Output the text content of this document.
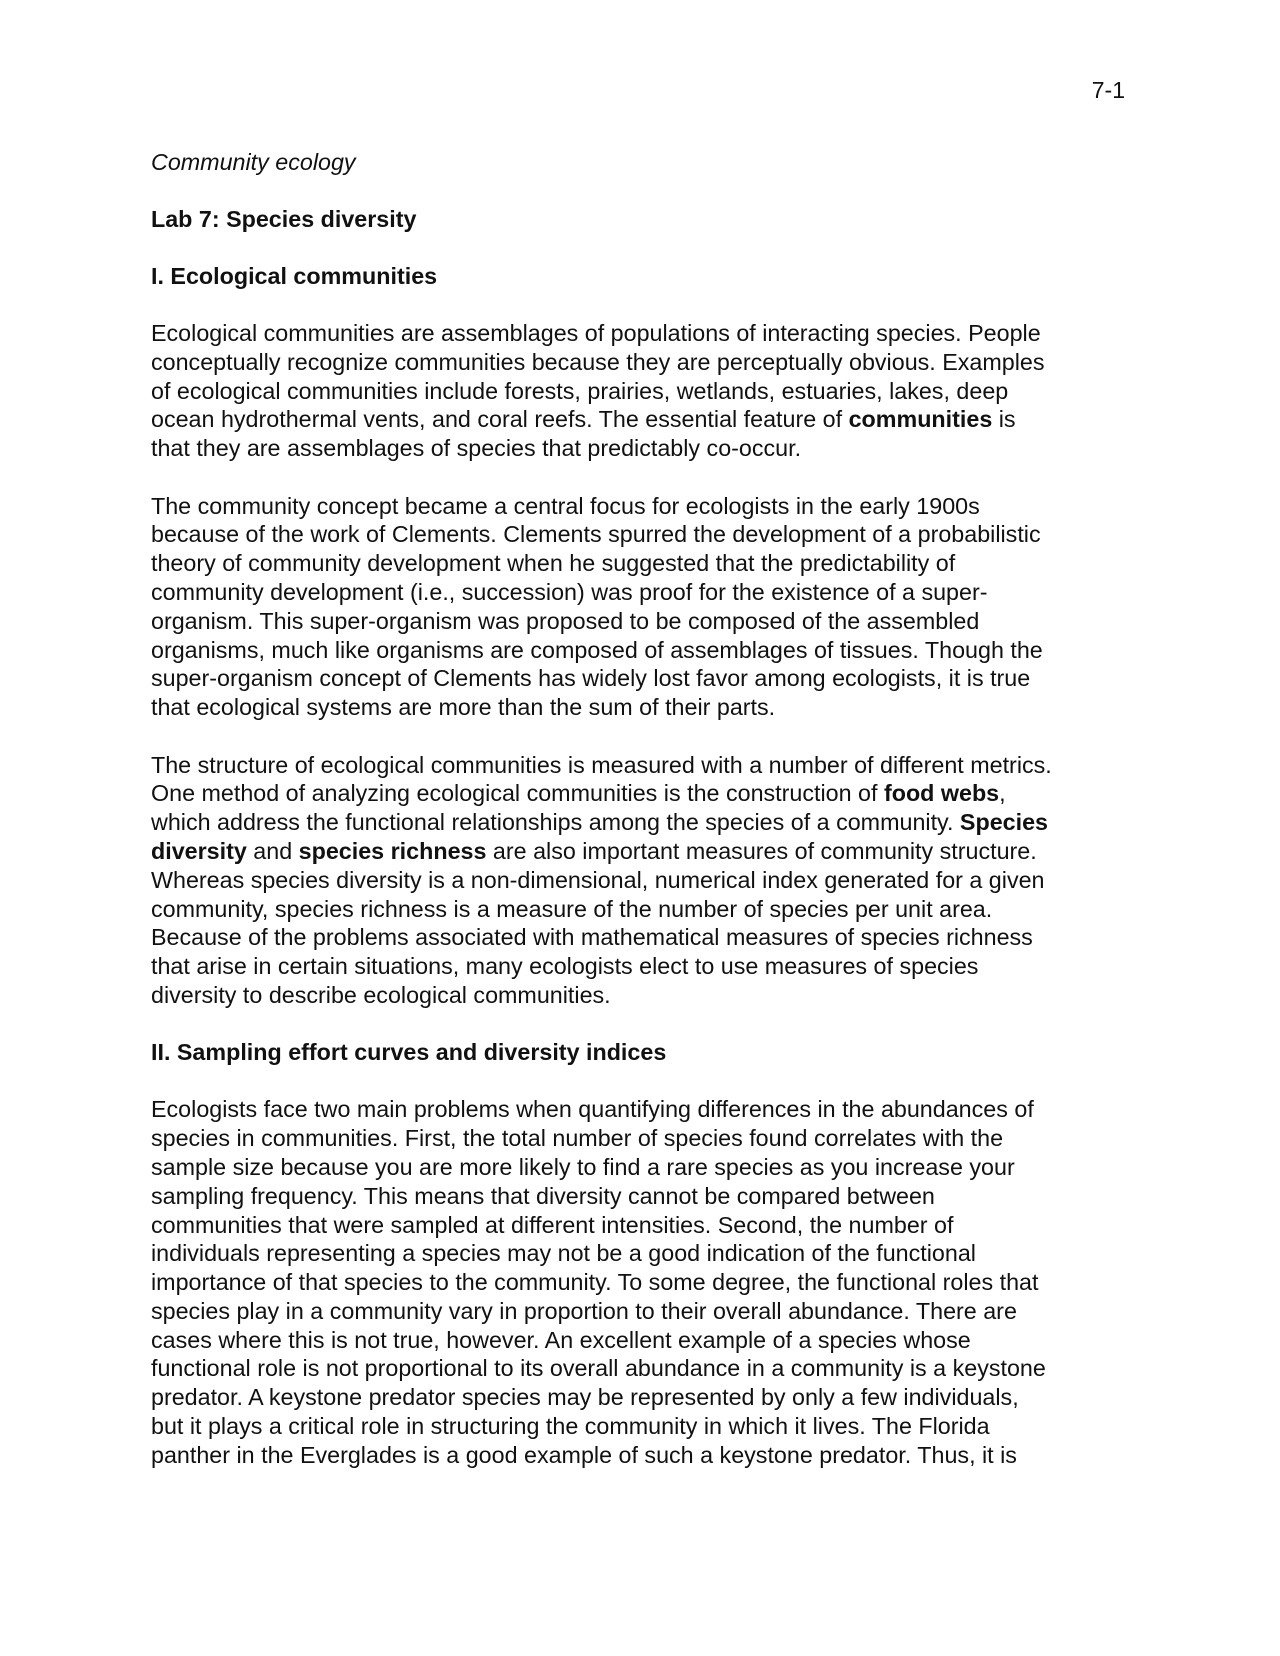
7-1
Community ecology
Lab 7: Species diversity
I. Ecological communities
Ecological communities are assemblages of populations of interacting species. People
conceptually recognize communities because they are perceptually obvious. Examples
of ecological communities include forests, prairies, wetlands, estuaries, lakes, deep
ocean hydrothermal vents, and coral reefs. The essential feature of communities is
that they are assemblages of species that predictably co-occur.
The community concept became a central focus for ecologists in the early 1900s
because of the work of Clements. Clements spurred the development of a probabilistic
theory of community development when he suggested that the predictability of
community development (i.e., succession) was proof for the existence of a super-
organism. This super-organism was proposed to be composed of the assembled
organisms, much like organisms are composed of assemblages of tissues. Though the
super-organism concept of Clements has widely lost favor among ecologists, it is true
that ecological systems are more than the sum of their parts.
The structure of ecological communities is measured with a number of different metrics.
One method of analyzing ecological communities is the construction of food webs,
which address the functional relationships among the species of a community. Species
diversity and species richness are also important measures of community structure.
Whereas species diversity is a non-dimensional, numerical index generated for a given
community, species richness is a measure of the number of species per unit area.
Because of the problems associated with mathematical measures of species richness
that arise in certain situations, many ecologists elect to use measures of species
diversity to describe ecological communities.
II. Sampling effort curves and diversity indices
Ecologists face two main problems when quantifying differences in the abundances of
species in communities. First, the total number of species found correlates with the
sample size because you are more likely to find a rare species as you increase your
sampling frequency. This means that diversity cannot be compared between
communities that were sampled at different intensities. Second, the number of
individuals representing a species may not be a good indication of the functional
importance of that species to the community. To some degree, the functional roles that
species play in a community vary in proportion to their overall abundance. There are
cases where this is not true, however. An excellent example of a species whose
functional role is not proportional to its overall abundance in a community is a keystone
predator. A keystone predator species may be represented by only a few individuals,
but it plays a critical role in structuring the community in which it lives. The Florida
panther in the Everglades is a good example of such a keystone predator. Thus, it is
